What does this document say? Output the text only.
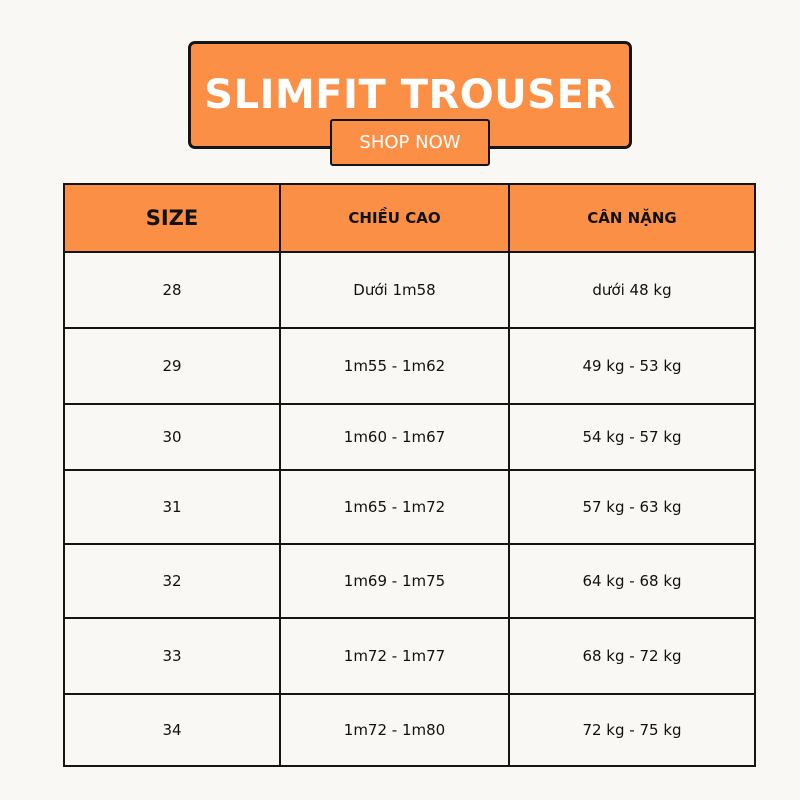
SLIMFIT TROUSER
SHOP NOW
SIZE	CHIỀU CAO	CÂN NẶNG
28	Dưới 1m58	dưới 48 kg
29	1m55 - 1m62	49 kg - 53 kg
30	1m60 - 1m67	54 kg - 57 kg
31	1m65 - 1m72	57 kg - 63 kg
32	1m69 - 1m75	64 kg - 68 kg
33	1m72 - 1m77	68 kg - 72 kg
34	1m72 - 1m80	72 kg - 75 kg
